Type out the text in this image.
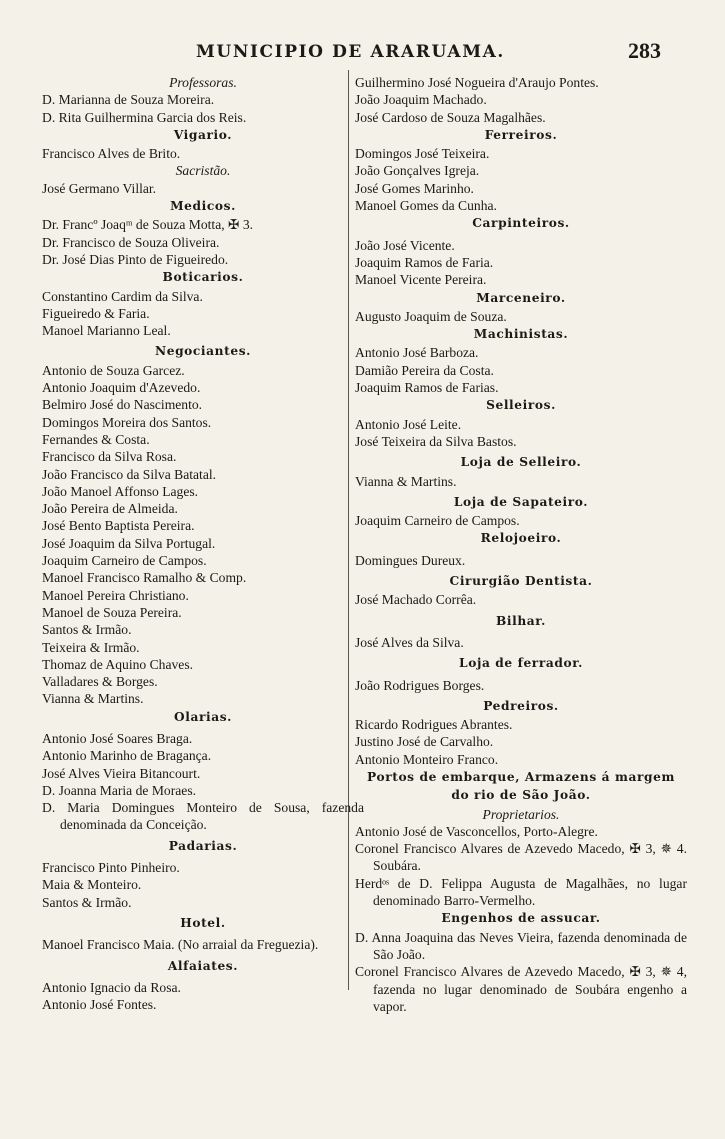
MUNICIPIO DE ARARUAMA.	283
Professoras.
D. Marianna de Souza Moreira.
D. Rita Guilhermina Garcia dos Reis.
Vigario.
Francisco Alves de Brito.
Sacristão.
José Germano Villar.
Medicos.
Dr. Francº Joaqᵐ de Souza Motta, ✠ 3.
Dr. Francisco de Souza Oliveira.
Dr. José Dias Pinto de Figueiredo.
Boticarios.
Constantino Cardim da Silva.
Figueiredo & Faria.
Manoel Marianno Leal.
Negociantes.
Antonio de Souza Garcez.
Antonio Joaquim d'Azevedo.
Belmiro José do Nascimento.
Domingos Moreira dos Santos.
Fernandes & Costa.
Francisco da Silva Rosa.
João Francisco da Silva Batatal.
João Manoel Affonso Lages.
João Pereira de Almeida.
José Bento Baptista Pereira.
José Joaquim da Silva Portugal.
Joaquim Carneiro de Campos.
Manoel Francisco Ramalho & Comp.
Manoel Pereira Christiano.
Manoel de Souza Pereira.
Santos & Irmão.
Teixeira & Irmão.
Thomaz de Aquino Chaves.
Valladares & Borges.
Vianna & Martins.
Olarias.
Antonio José Soares Braga.
Antonio Marinho de Bragança.
José Alves Vieira Bitancourt.
D. Joanna Maria de Moraes.
D. Maria Domingues Monteiro de Sousa, fazenda denominada da Conceição.
Padarias.
Francisco Pinto Pinheiro.
Maia & Monteiro.
Santos & Irmão.
Hotel.
Manoel Francisco Maia. (No arraial da Freguezia).
Alfaiates.
Antonio Ignacio da Rosa.
Antonio José Fontes.
Guilhermino José Nogueira d'Araujo Pontes.
João Joaquim Machado.
José Cardoso de Souza Magalhães.
Ferreiros.
Domingos José Teixeira.
João Gonçalves Igreja.
José Gomes Marinho.
Manoel Gomes da Cunha.
Carpinteiros.
João José Vicente.
Joaquim Ramos de Faria.
Manoel Vicente Pereira.
Marceneiro.
Augusto Joaquim de Souza.
Machinistas.
Antonio José Barboza.
Damião Pereira da Costa.
Joaquim Ramos de Farias.
Selleiros.
Antonio José Leite.
José Teixeira da Silva Bastos.
Loja de Selleiro.
Vianna & Martins.
Loja de Sapateiro.
Joaquim Carneiro de Campos.
Relojoeiro.
Domingues Dureux.
Cirurgião Dentista.
José Machado Corrêa.
Bilhar.
José Alves da Silva.
Loja de ferrador.
João Rodrigues Borges.
Pedreiros.
Ricardo Rodrigues Abrantes.
Justino José de Carvalho.
Antonio Monteiro Franco.
Portos de embarque, Armazens á margem
do rio de São João.
Proprietarios.
Antonio José de Vasconcellos, Porto-Alegre.
Coronel Francisco Alvares de Azevedo Macedo, ✠ 3, ✵ 4. Soubára.
Herdᵒˢ de D. Felippa Augusta de Magalhães, no lugar denominado Barro-Vermelho.
Engenhos de assucar.
D. Anna Joaquina das Neves Vieira, fazenda denominada de São João.
Coronel Francisco Alvares de Azevedo Macedo, ✠ 3, ✵ 4, fazenda no lugar denominado de Soubára engenho a vapor.
